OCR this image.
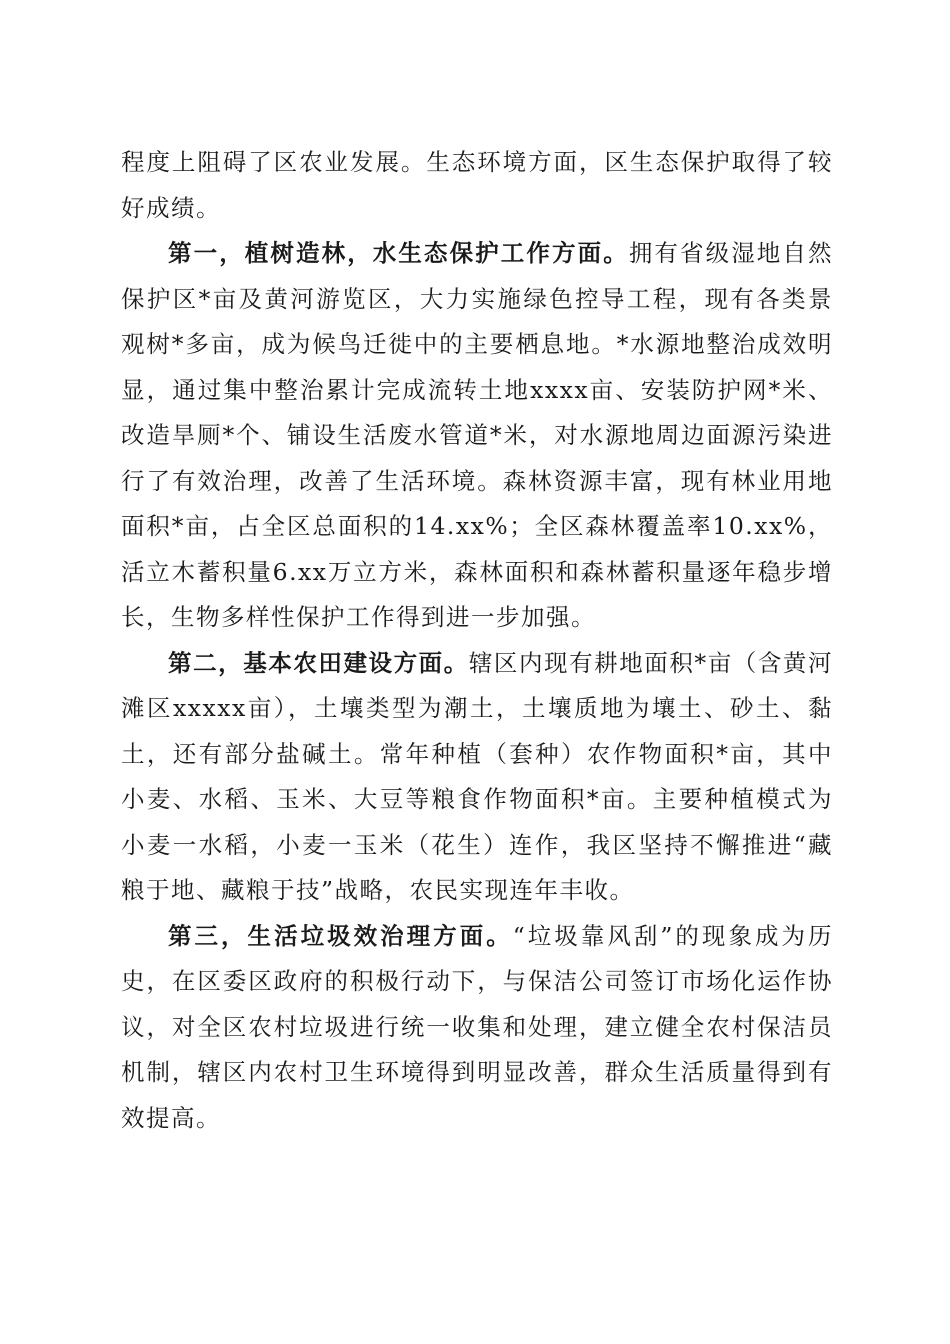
程度上阻碍了区农业发展。生态环境方面，区生态保护取得了较好成绩。

第一，植树造林，水生态保护工作方面。拥有省级湿地自然保护区*亩及黄河游览区，大力实施绿色控导工程，现有各类景观树*多亩，成为候鸟迁徙中的主要栖息地。*水源地整治成效明显，通过集中整治累计完成流转土地xxxx亩、安装防护网*米、改造旱厕*个、铺设生活废水管道*米，对水源地周边面源污染进行了有效治理，改善了生活环境。森林资源丰富，现有林业用地面积*亩，占全区总面积的14.xx%；全区森林覆盖率10.xx%，活立木蓄积量6.xx万立方米，森林面积和森林蓄积量逐年稳步增长，生物多样性保护工作得到进一步加强。

第二，基本农田建设方面。辖区内现有耕地面积*亩（含黄河滩区xxxxx亩），土壤类型为潮土，土壤质地为壤土、砂土、黏土，还有部分盐碱土。常年种植（套种）农作物面积*亩，其中小麦、水稻、玉米、大豆等粮食作物面积*亩。主要种植模式为小麦一水稻，小麦一玉米（花生）连作，我区坚持不懈推进“藏粮于地、藏粮于技”战略，农民实现连年丰收。

第三，生活垃圾效治理方面。“垃圾靠风刮”的现象成为历史，在区委区政府的积极行动下，与保洁公司签订市场化运作协议，对全区农村垃圾进行统一收集和处理，建立健全农村保洁员机制，辖区内农村卫生环境得到明显改善，群众生活质量得到有效提高。
